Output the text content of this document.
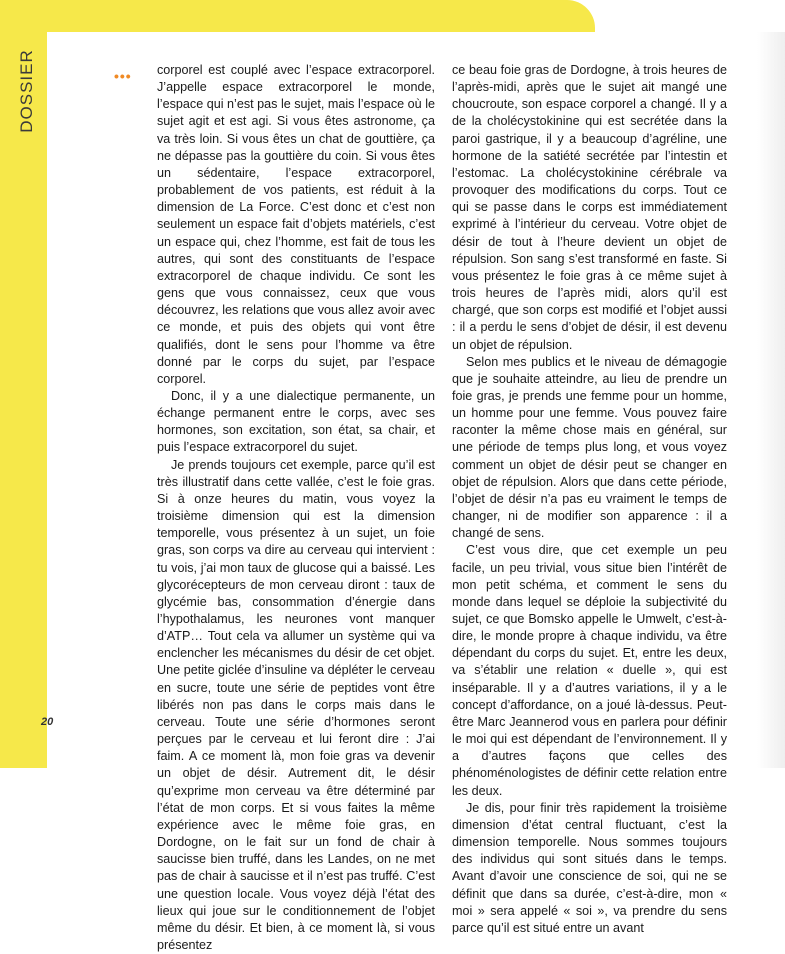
DOSSIER	••• corporel est couplé avec l’espace extracorporel. J’appelle espace extracorporel le monde, l’espace qui n’est pas le sujet, mais l’espace où le sujet agit et est agi. Si vous êtes astronome, ça va très loin. Si vous êtes un chat de gouttière, ça ne dépasse pas la gouttière du coin. Si vous êtes un sédentaire, l’espace extracorporel, probablement de vos patients, est réduit à la dimension de La Force. C’est donc et c’est non seulement un espace fait d’objets matériels, c’est un espace qui, chez l’homme, est fait de tous les autres, qui sont des constituants de l’espace extracorporel de chaque individu. Ce sont les gens que vous connaissez, ceux que vous découvrez, les relations que vous allez avoir avec ce monde, et puis des objets qui vont être qualifiés, dont le sens pour l’homme va être donné par le corps du sujet, par l’espace corporel.

Donc, il y a une dialectique permanente, un échange permanent entre le corps, avec ses hormones, son excitation, son état, sa chair, et puis l’espace extracorporel du sujet.

Je prends toujours cet exemple, parce qu’il est très illustratif dans cette vallée, c’est le foie gras. Si à onze heures du matin, vous voyez la troisième dimension qui est la dimension temporelle, vous présentez à un sujet, un foie gras, son corps va dire au cerveau qui intervient : tu vois, j’ai mon taux de glucose qui a baissé. Les glycorécepteurs de mon cerveau diront : taux de glycémie bas, consommation d’énergie dans l’hypothalamus, les neurones vont manquer d’ATP… Tout cela va allumer un système qui va enclencher les mécanismes du désir de cet objet. Une petite giclée d’insuline va dépléter le cerveau en sucre, toute une série de peptides vont être libérés non pas dans le corps mais dans le cerveau. Toute une série d’hormones seront perçues par le cerveau et lui feront dire : J’ai faim. A ce moment là, mon foie gras va devenir un objet de désir. Autrement dit, le désir qu’exprime mon cerveau va être déterminé par l’état de mon corps. Et si vous faites la même expérience avec le même foie gras, en Dordogne, on le fait sur un fond de chair à saucisse bien truffé, dans les Landes, on ne met pas de chair à saucisse et il n’est pas truffé. C’est une question locale. Vous voyez déjà l’état des lieux qui joue sur le conditionnement de l’objet même du désir. Et bien, à ce moment là, si vous présentez

ce beau foie gras de Dordogne, à trois heures de l’après-midi, après que le sujet ait mangé une choucroute, son espace corporel a changé. Il y a de la cholécystokinine qui est secrétée dans la paroi gastrique, il y a beaucoup d’agréline, une hormone de la satiété secrétée par l’intestin et l’estomac. La cholécystokinine cérébrale va provoquer des modifications du corps. Tout ce qui se passe dans le corps est immédiatement exprimé à l’intérieur du cerveau. Votre objet de désir de tout à l’heure devient un objet de répulsion. Son sang s’est transformé en faste. Si vous présentez le foie gras à ce même sujet à trois heures de l’après midi, alors qu’il est chargé, que son corps est modifié et l’objet aussi : il a perdu le sens d’objet de désir, il est devenu un objet de répulsion.

Selon mes publics et le niveau de démagogie que je souhaite atteindre, au lieu de prendre un foie gras, je prends une femme pour un homme, un homme pour une femme. Vous pouvez faire raconter la même chose mais en général, sur une période de temps plus long, et vous voyez comment un objet de désir peut se changer en objet de répulsion. Alors que dans cette période, l’objet de désir n’a pas eu vraiment le temps de changer, ni de modifier son apparence : il a changé de sens.

C’est vous dire, que cet exemple un peu facile, un peu trivial, vous situe bien l’intérêt de mon petit schéma, et comment le sens du monde dans lequel se déploie la subjectivité du sujet, ce que Bomsko appelle le Umwelt, c’est-à-dire, le monde propre à chaque individu, va être dépendant du corps du sujet. Et, entre les deux, va s’établir une relation « duelle », qui est inséparable. Il y a d’autres variations, il y a le concept d’affordance, on a joué là-dessus. Peut-être Marc Jeannerod vous en parlera pour définir le moi qui est dépendant de l’environnement. Il y a d’autres façons que celles des phénoménologistes de définir cette relation entre les deux.

Je dis, pour finir très rapidement la troisième dimension d’état central fluctuant, c’est la dimension temporelle. Nous sommes toujours des individus qui sont situés dans le temps. Avant d’avoir une conscience de soi, qui ne se définit que dans sa durée, c’est-à-dire, mon « moi » sera appelé « soi », va prendre du sens parce qu’il est situé entre un avant

20
